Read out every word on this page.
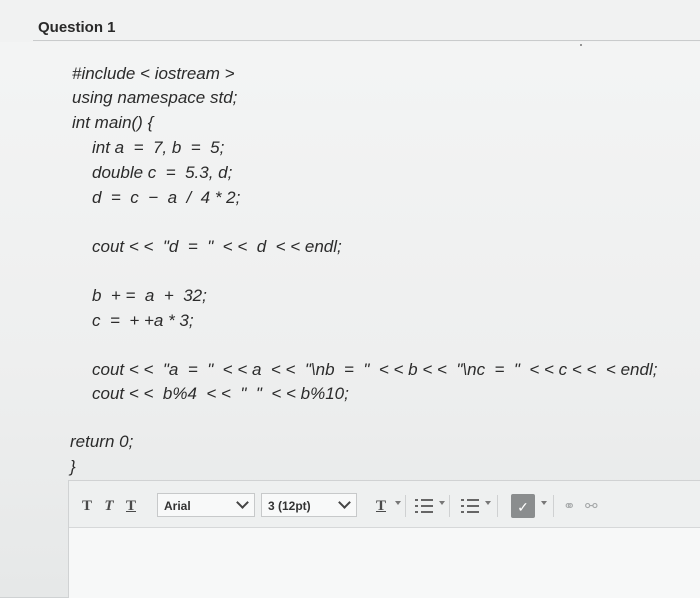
Question 1

#include < iostream >

using namespace std;

int main() {

int a  =  7, b  =  5;

double c  =  5.3, d;

d  =  c  −  a  /  4 * 2;

cout < <  "d  =  "  < <  d  < < endl;

b  + =  a  +  32;

c  =  + +a * 3;

cout < <  "a  =  "  < < a  < <  "\nb  =  "  < < b < <  "\nc  =  "  < < c < <  < endl;

cout < <  b%4  < <  "  "  < < b%10;

return 0;

}

T T T	Arial	3 (12pt)	T	✓	⚭ ⚯
